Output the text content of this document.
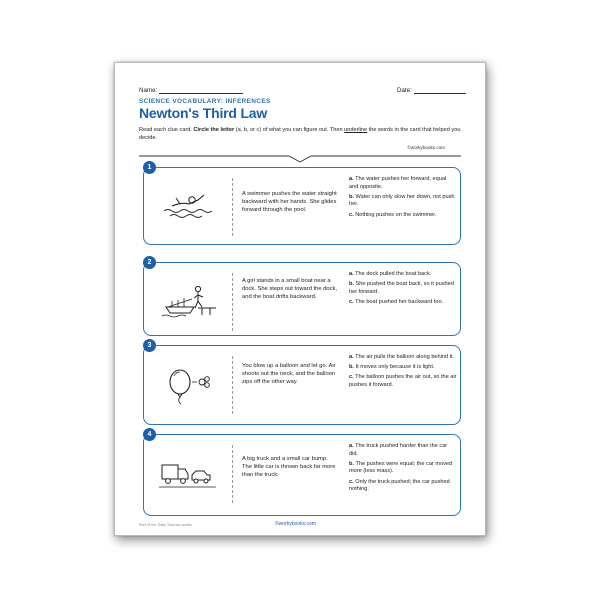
Name:	Date:
SCIENCE VOCABULARY: INFERENCES
Newton's Third Law
Read each clue card. Circle the letter (a, b, or c) of what you can figure out. Then underline the words in the card that helped you decide.
©workybooks.com
1
A swimmer pushes the water straight backward with her hands. She glides forward through the pool.
a. The water pushes her forward, equal and opposite.
b. Water can only slow her down, not push her.
c. Nothing pushes on the swimmer.
2
A girl stands in a small boat near a dock. She steps out toward the dock, and the boat drifts backward.
a. The dock pulled the boat back.
b. She pushed the boat back, so it pushed her forward.
c. The boat pushed her backward too.
3
You blow up a balloon and let go. Air shoots out the neck, and the balloon zips off the other way.
a. The air pulls the balloon along behind it.
b. It moves only because it is light.
c. The balloon pushes the air out, so the air pushes it forward.
4
A big truck and a small car bump. The little car is thrown back far more than the truck.
a. The truck pushed harder than the car did.
b. The pushes were equal; the car moved more (less mass).
c. Only the truck pushed; the car pushed nothing.
Part of the Daily Science series	©workybooks.com
